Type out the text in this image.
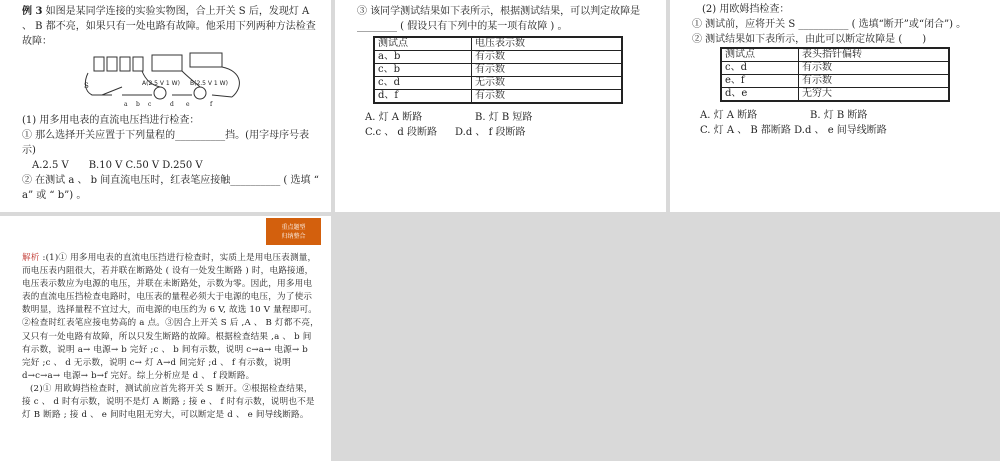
例 3 如图是某同学连接的实验实物图，合上开关 S 后，发现灯 A 、 B 都不亮，如果只有一处电路有故障。他采用下列两种方法检查故障：

S	A(2.5 V 1 W) B(2.5 V 1 W)
a b c	d e	f

(1) 用多用电表的直流电压挡进行检查：

① 那么选择开关应置于下列量程的__________挡。(用字母序号表示)

A.2.5 V　　B.10 V C.50 V D.250 V

② 在测试 a 、 b 间直流电压时，红表笔应接触__________ ( 选填 “ a” 或 “ b”) 。

③ 该同学测试结果如下表所示，根据测试结果，可以判定故障是________ ( 假设只有下列中的某一项有故障 ) 。

测试点	电压表示数
a、b	有示数
c、b	有示数
c、d	无示数
d、f	有示数
A. 灯 A 断路	B. 灯 B 短路
C.c 、 d 段断路	D.d 、 f 段断路

(2) 用欧姆挡检查：

① 测试前，应将开关 S __________ ( 选填“断开”或“闭合”) 。

② 测试结果如下表所示，由此可以断定故障是 (　　)

测试点	表头指针偏转
c、d	有示数
e、f	有示数
d、e	无穷大
A. 灯 A 断路	B. 灯 B 断路
C. 灯 A 、 B 都断路 D.d 、 e 间导线断路
重点题型
归纳整合

解析 :(1)① 用多用电表的直流电压挡进行检查时，实质上是用电压表测量，而电压表内阻很大，若并联在断路处 ( 设有一处发生断路 ) 时，电路接通，电压表示数应为电源的电压，并联在未断路处，示数为零。因此，用多用电表的直流电压挡检查电路时，电压表的量程必须大于电源的电压，为了使示数明显，选择量程不宜过大，而电源的电压约为 6 V, 故选 10 V 量程即可。②检查时红表笔应接电势高的 a 点。③因合上开关 S 后 ,A 、 B 灯都不亮，又只有一处电路有故障，所以只发生断路的故障。根据检查结果 ,a 、 b 间有示数，说明 a→ 电源→ b 完好 ;c 、 b 间有示数，说明 c→a→ 电源→ b 完好 ;c 、 d 无示数，说明 c→ 灯 A→d 间完好 ;d 、 f 有示数，说明 d→c→a→ 电源→ b→f 完好。综上分析应是 d 、 f 段断路。

(2)① 用欧姆挡检查时，测试前应首先将开关 S 断开。②根据检查结果，接 c 、 d 时有示数，说明不是灯 A 断路 ; 接 e 、 f 时有示数，说明也不是灯 B 断路 ; 接 d 、 e 间时电阻无穷大，可以断定是 d 、 e 间导线断路。
